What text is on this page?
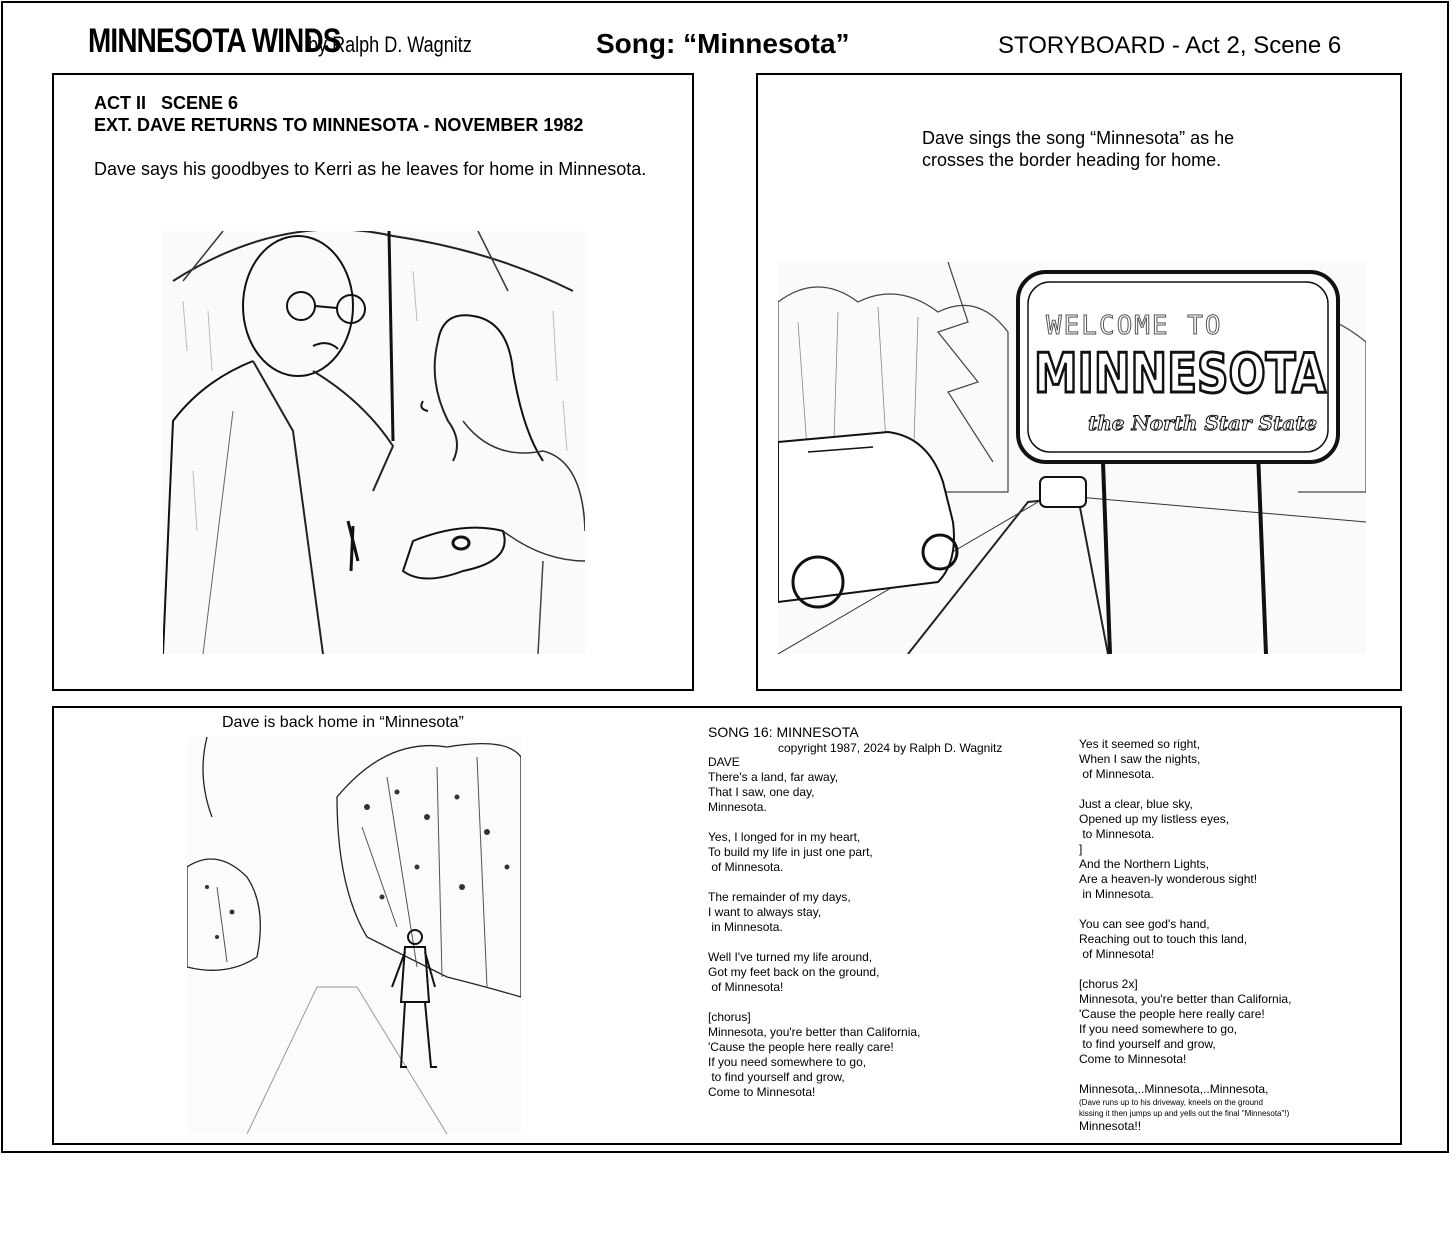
MINNESOTA WINDS
by Ralph D. Wagnitz	Song: “Minnesota”	STORYBOARD - Act 2, Scene 6
ACT II   SCENE 6
EXT. DAVE RETURNS TO MINNESOTA - NOVEMBER 1982
Dave says his goodbyes to Kerri as he leaves for home in Minnesota.
Dave sings the song “Minnesota” as he crosses the border heading for home.
WELCOME TO
MINNESOTA
the North Star State
Dave is back home in “Minnesota”
SONG 16: MINNESOTA
copyright 1987, 2024 by Ralph D. Wagnitz
DAVE
There's a land, far away,
That I saw, one day,
Minnesota.
Yes, I longed for in my heart,
To build my life in just one part,
of Minnesota.
The remainder of my days,
I want to always stay,
in Minnesota.
Well I've turned my life around,
Got my feet back on the ground,
of Minnesota!
[chorus]
Minnesota, you're better than California,
'Cause the people here really care!
If you need somewhere to go,
to find yourself and grow,
Come to Minnesota!
Yes it seemed so right,
When I saw the nights,
of Minnesota.
Just a clear, blue sky,
Opened up my listless eyes,
to Minnesota.
]
And the Northern Lights,
Are a heaven-ly wonderous sight!
in Minnesota.
You can see god's hand,
Reaching out to touch this land,
of Minnesota!
[chorus 2x]
Minnesota, you're better than California,
'Cause the people here really care!
If you need somewhere to go,
to find yourself and grow,
Come to Minnesota!
Minnesota,..Minnesota,..Minnesota,
(Dave runs up to his driveway, kneels on the ground
kissing it then jumps up and yells out the final "Minnesota"!)
Minnesota!!
